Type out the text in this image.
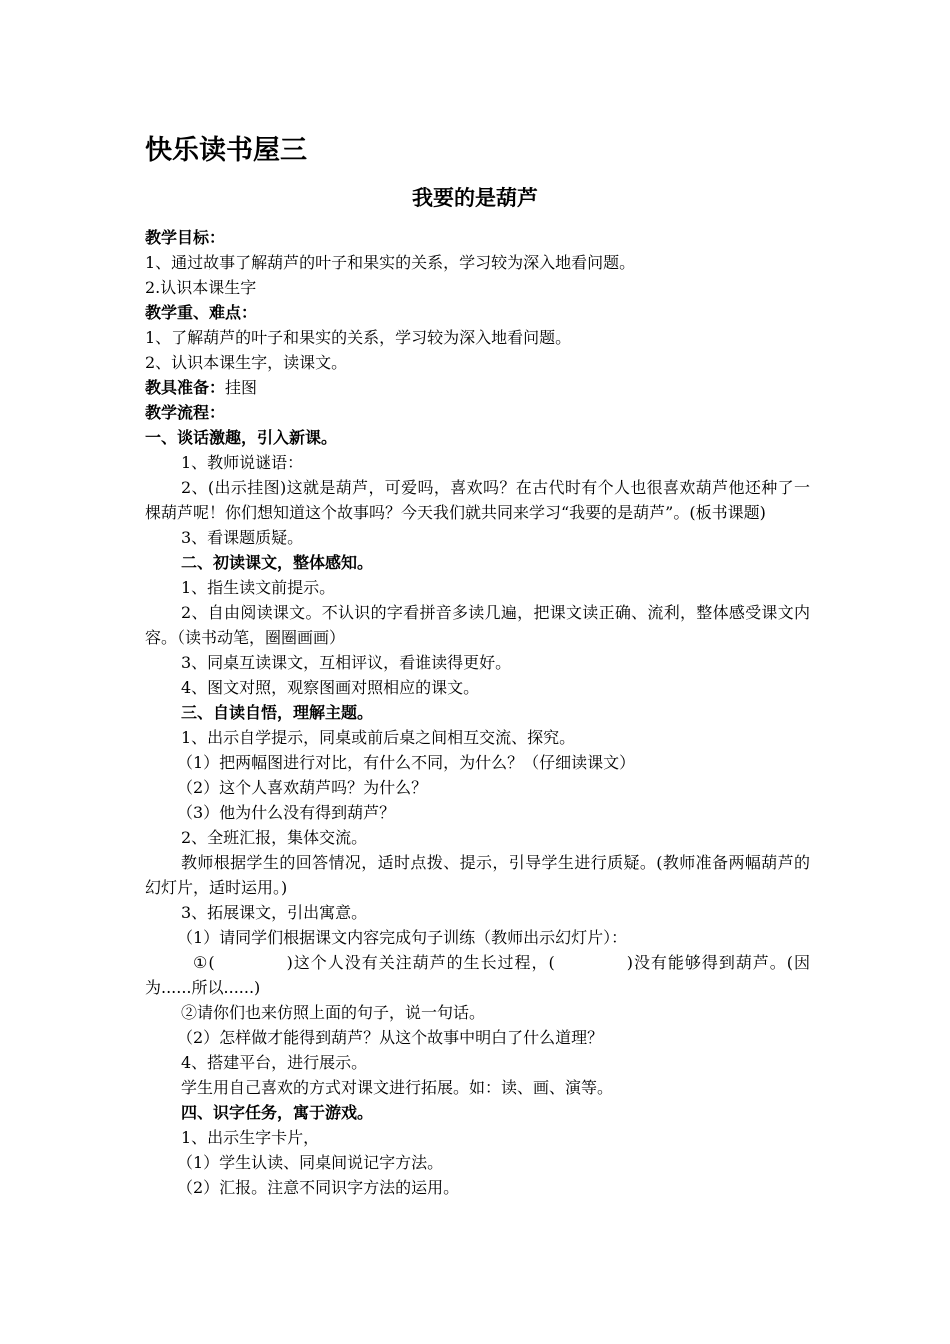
快乐读书屋三
我要的是葫芦

教学目标：

1、通过故事了解葫芦的叶子和果实的关系，学习较为深入地看问题。

2.认识本课生字

教学重、难点：

1、了解葫芦的叶子和果实的关系，学习较为深入地看问题。

2、认识本课生字，读课文。

教具准备：挂图

教学流程：

一、谈话激趣，引入新课。

1、教师说谜语：

2、(出示挂图)这就是葫芦，可爱吗，喜欢吗？在古代时有个人也很喜欢葫芦他还种了一棵葫芦呢！你们想知道这个故事吗？今天我们就共同来学习“我要的是葫芦”。(板书课题)

3、看课题质疑。

二、初读课文，整体感知。

1、指生读文前提示。

2、自由阅读课文。不认识的字看拼音多读几遍，把课文读正确、流利，整体感受课文内容。（读书动笔，圈圈画画）

3、同桌互读课文，互相评议，看谁读得更好。

4、图文对照，观察图画对照相应的课文。

三、自读自悟，理解主题。

1、出示自学提示，同桌或前后桌之间相互交流、探究。

（1）把两幅图进行对比，有什么不同，为什么？（仔细读课文）

（2）这个人喜欢葫芦吗？为什么？

（3）他为什么没有得到葫芦？

2、全班汇报，集体交流。

教师根据学生的回答情况，适时点拨、提示，引导学生进行质疑。(教师准备两幅葫芦的幻灯片，适时运用。)

3、拓展课文，引出寓意。

（1）请同学们根据课文内容完成句子训练（教师出示幻灯片）：

①(	)这个人没有关注葫芦的生长过程，(	)没有能够得到葫芦。(因为......所以......)

②请你们也来仿照上面的句子，说一句话。

（2）怎样做才能得到葫芦？从这个故事中明白了什么道理？

4、搭建平台，进行展示。

学生用自己喜欢的方式对课文进行拓展。如：读、画、演等。

四、识字任务，寓于游戏。

1、出示生字卡片，

（1）学生认读、同桌间说记字方法。

（2）汇报。注意不同识字方法的运用。
